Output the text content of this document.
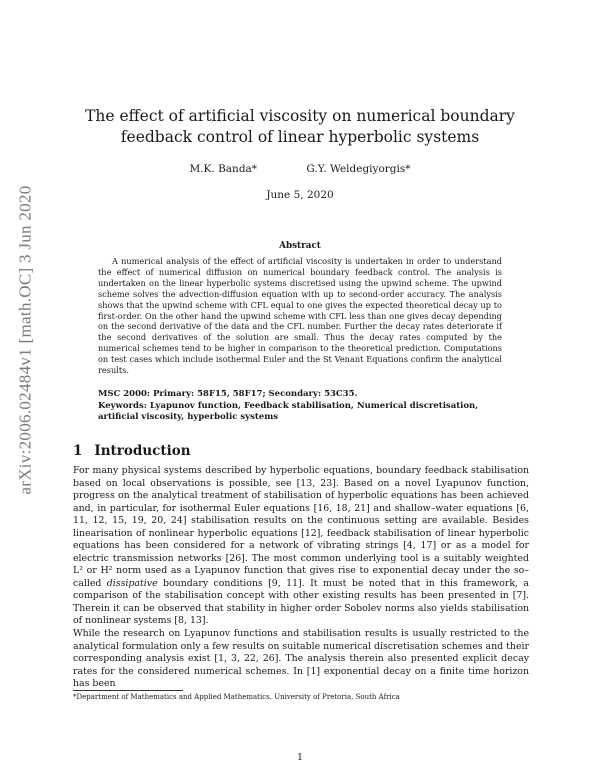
arXiv:2006.02484v1 [math.OC] 3 Jun 2020
The effect of artificial viscosity on numerical boundary feedback control of linear hyperbolic systems
M.K. Banda*	G.Y. Weldegiyorgis*
June 5, 2020
Abstract

A numerical analysis of the effect of artificial viscosity is undertaken in order to understand the effect of numerical diffusion on numerical boundary feedback control. The analysis is undertaken on the linear hyperbolic systems discretised using the upwind scheme. The upwind scheme solves the advection-diffusion equation with up to second-order accuracy. The analysis shows that the upwind scheme with CFL equal to one gives the expected theoretical decay up to first-order. On the other hand the upwind scheme with CFL less than one gives decay depending on the second derivative of the data and the CFL number. Further the decay rates deteriorate if the second derivatives of the solution are small. Thus the decay rates computed by the numerical schemes tend to be higher in comparison to the theoretical prediction. Computations on test cases which include isothermal Euler and the St Venant Equations confirm the analytical results.

MSC 2000: Primary: 58F15, 58F17; Secondary: 53C35.
Keywords: Lyapunov function, Feedback stabilisation, Numerical discretisation, artificial viscosity, hyperbolic systems
1 Introduction

For many physical systems described by hyperbolic equations, boundary feedback stabilisation based on local observations is possible, see [13, 23]. Based on a novel Lyapunov function, progress on the analytical treatment of stabilisation of hyperbolic equations has been achieved and, in particular, for isothermal Euler equations [16, 18, 21] and shallow–water equations [6, 11, 12, 15, 19, 20, 24] stabilisation results on the continuous setting are available. Besides linearisation of nonlinear hyperbolic equations [12], feedback stabilisation of linear hyperbolic equations has been considered for a network of vibrating strings [4, 17] or as a model for electric transmission networks [26]. The most common underlying tool is a suitably weighted L² or H² norm used as a Lyapunov function that gives rise to exponential decay under the so–called dissipative boundary conditions [9, 11]. It must be noted that in this framework, a comparison of the stabilisation concept with other existing results has been presented in [7]. Therein it can be observed that stability in higher order Sobolev norms also yields stabilisation of nonlinear systems [8, 13].

While the research on Lyapunov functions and stabilisation results is usually restricted to the analytical formulation only a few results on suitable numerical discretisation schemes and their corresponding analysis exist [1, 3, 22, 26]. The analysis therein also presented explicit decay rates for the considered numerical schemes. In [1] exponential decay on a finite time horizon has been

*Department of Mathematics and Applied Mathematics, University of Pretoria, South Africa
1
